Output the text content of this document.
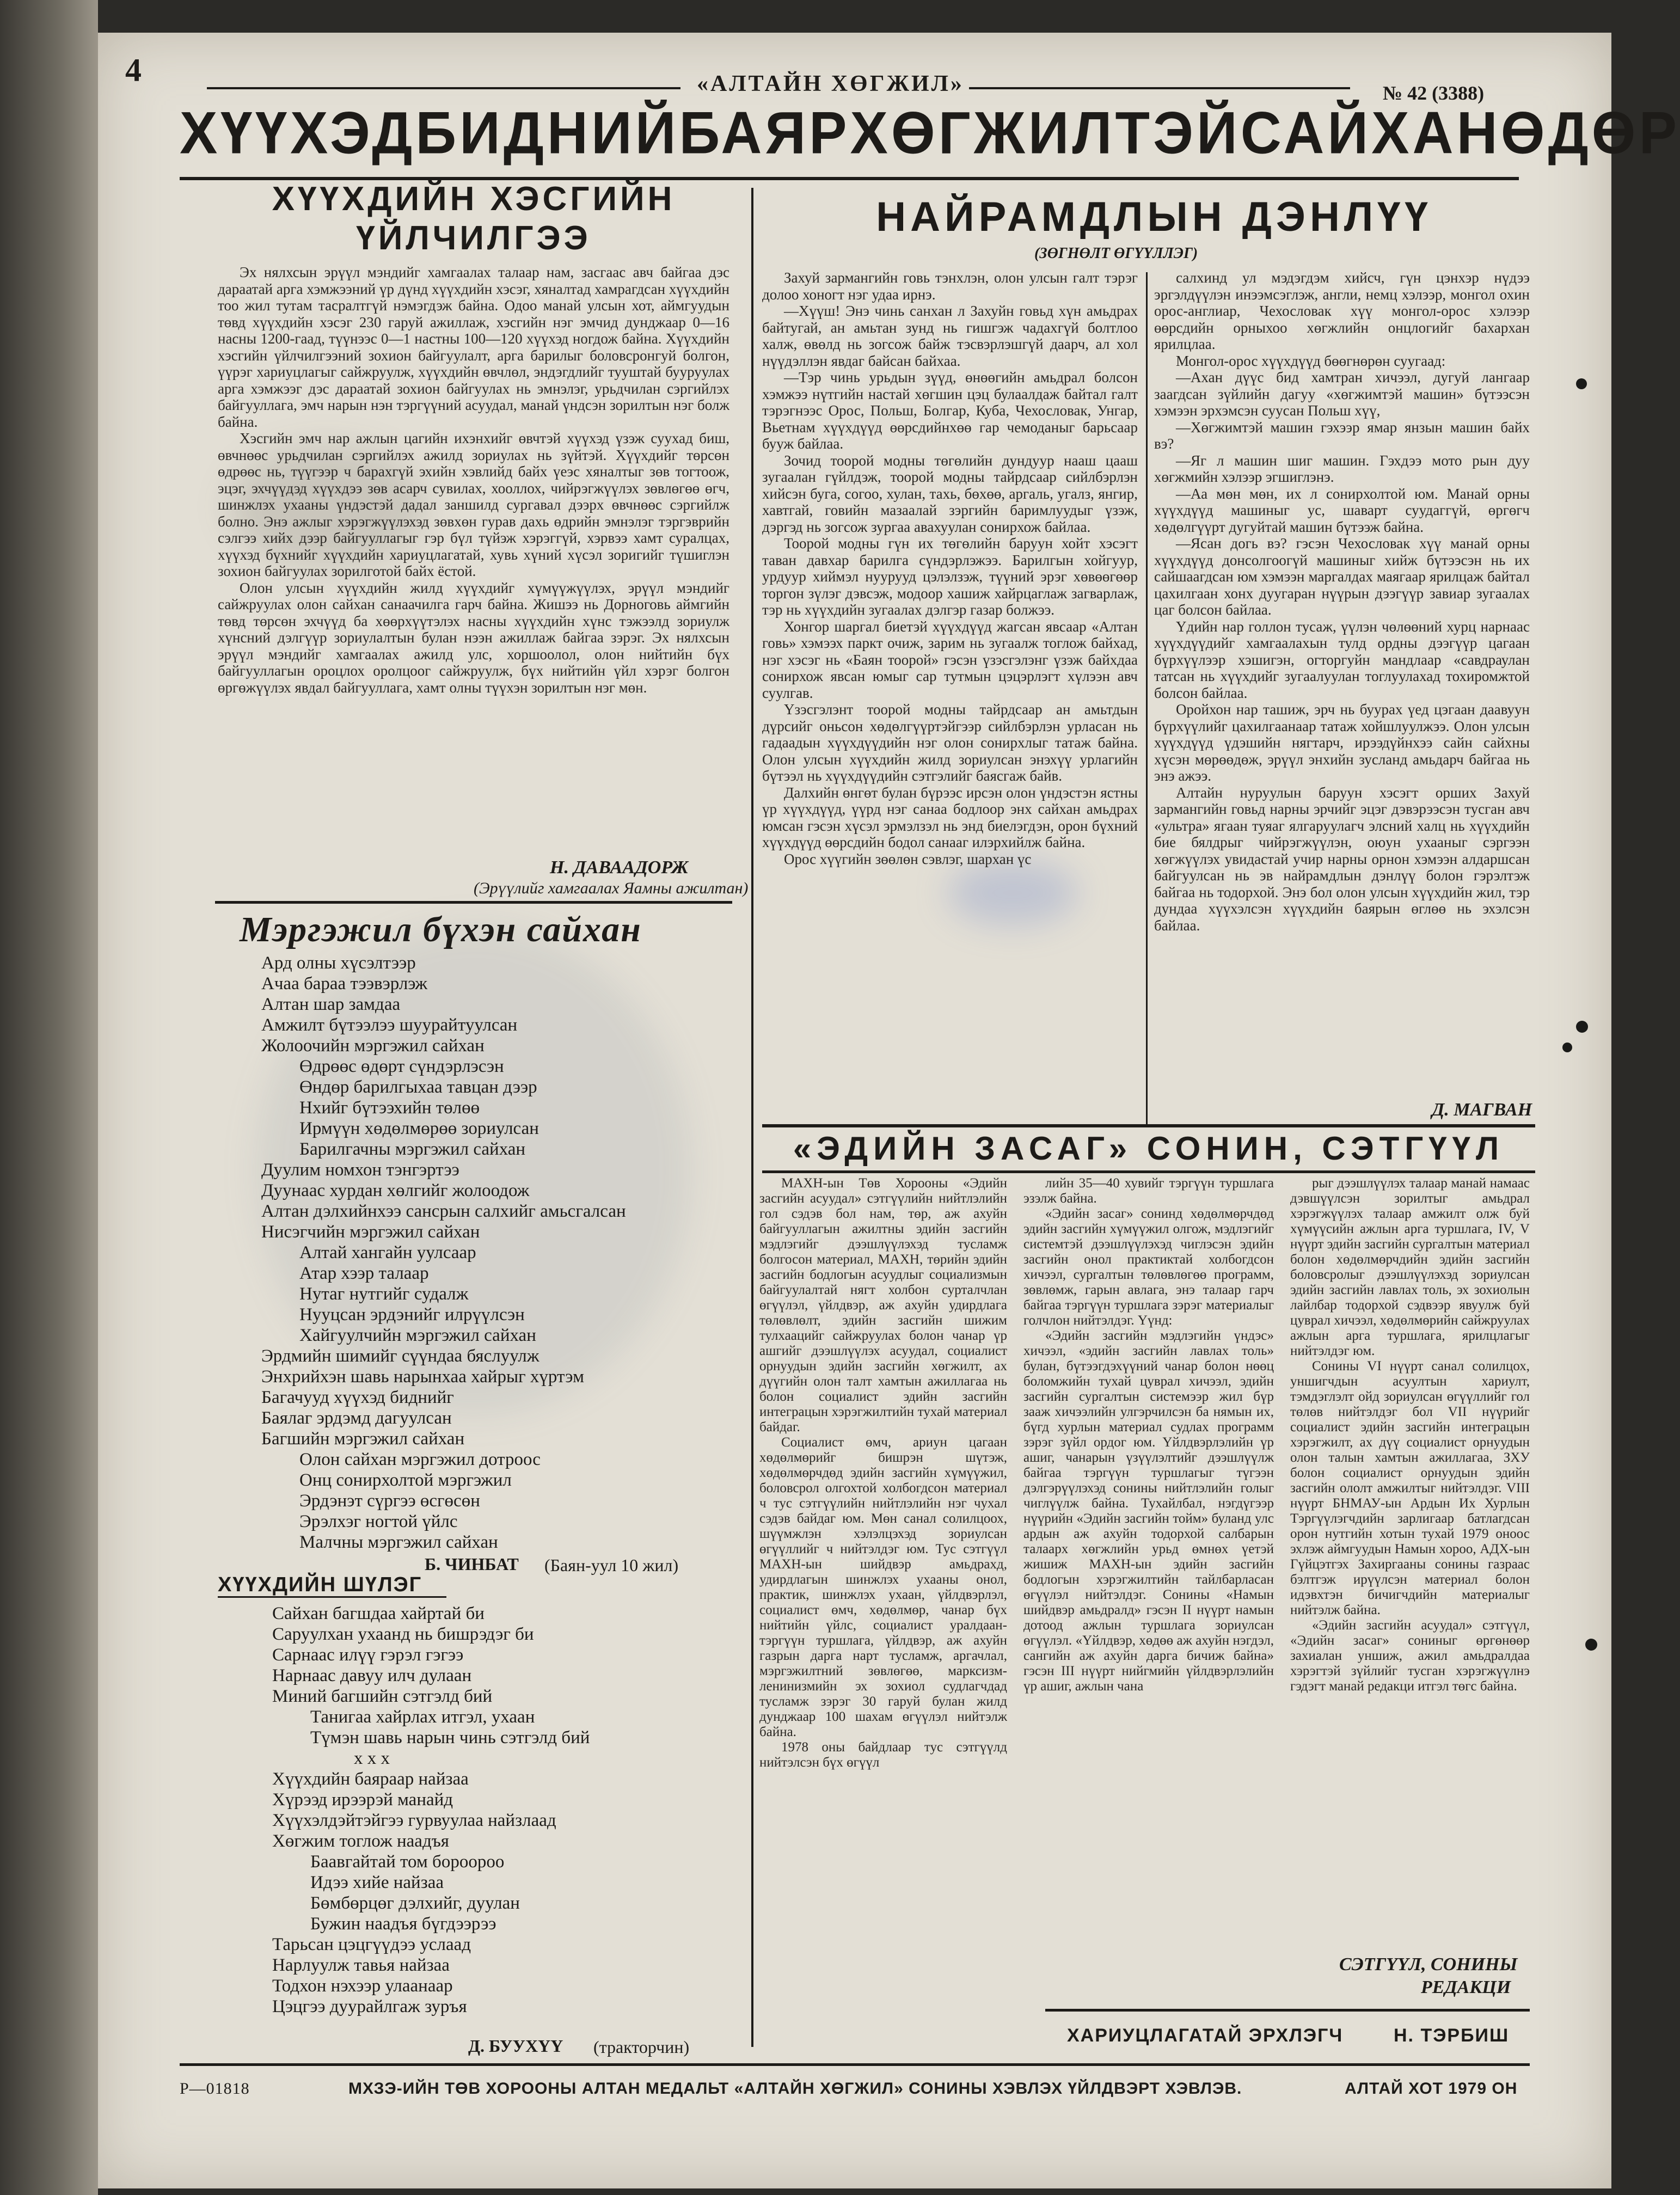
4	«АЛТАЙН ХӨГЖИЛ»	№ 42 (3388)
ХҮҮХЭД БИДНИЙ БАЯР ХӨГЖИЛТЭЙ САЙХАН ӨДӨР
ХҮҮХДИЙН ХЭСГИЙН
ҮЙЛЧИЛГЭЭ

Эх нялхсын эрүүл мэндийг хамгаалах талаар нам, засгаас авч байгаа дэс дараатай арга хэмжээний үр дүнд хүүхдийн хэсэг, хяналтад хамрагдсан хүүхдийн тоо жил тутам тасралтгүй нэмэгдэж байна. Одоо манай улсын хот, аймгуудын төвд хүүхдийн хэсэг 230 гаруй ажиллаж, хэсгийн нэг эмчид дунджаар 0—16 насны 1200-гаад, түүнээс 0—1 настны 100—120 хүүхэд ногдож байна. Хүүхдийн хэсгийн үйлчилгээний зохион байгуулалт, арга барилыг боловсронгуй болгон, үүрэг хариуцлагыг сайжруулж, хүүхдийн өвчлөл, эндэгдлийг тууштай бууруулах арга хэмжээг дэс дараатай зохион байгуулах нь эмнэлэг, урьдчилан сэргийлэх байгууллага, эмч нарын нэн тэргүүний асуудал, манай үндсэн зорилтын нэг болж байна.

Хэсгийн эмч нар ажлын цагийн ихэнхийг өвчтэй хүүхэд үзэж суухад биш, өвчнөөс урьдчилан сэргийлэх ажилд зориулах нь зүйтэй. Хүүхдийг төрсөн өдрөөс нь, түүгээр ч барахгүй эхийн хэвлийд байх үеэс хяналтыг зөв тогтоож, эцэг, эхчүүдэд хүүхдээ зөв асарч сувилах, хооллох, чийрэгжүүлэх зөвлөгөө өгч, шинжлэх ухааны үндэстэй дадал заншилд сургавал дээрх өвчнөөс сэргийлж болно. Энэ ажлыг хэрэгжүүлэхэд зөвхөн гурав дахь өдрийн эмнэлэг тэргэврийн сэлгээ хийх дээр байгууллагыг гэр бүл түйэж хэрэггүй, хэрвээ хамт суралцах, хүүхэд бүхнийг хүүхдийн хариуцлагатай, хувь хүний хүсэл зоригийг түшиглэн зохион байгуулах зорилготой байх ёстой.

Олон улсын хүүхдийн жилд хүүхдийг хүмүүжүүлэх, эрүүл мэндийг сайжруулах олон сайхан санаачилга гарч байна. Жишээ нь Дорноговь аймгийн төвд төрсөн эхчүүд ба хөөрхүүтэлэх насны хүүхдийн хүнс тэжээлд зориулж хүнсний дэлгүүр зориулалтын булан нээн ажиллаж байгаа зэрэг. Эх нялхсын эрүүл мэндийг хамгаалах ажилд улс, хоршоолол, олон нийтийн бүх байгууллагын ороцлох оролцоог сайжруулж, бүх нийтийн үйл хэрэг болгон өргөжүүлэх явдал байгууллага, хамт олны түүхэн зорилтын нэг мөн.

Н. ДАВААДОРЖ
(Эрүүлийг хамгаалах Яамны ажилтан)
НАЙРАМДЛЫН ДЭНЛҮҮ
(ЗӨГНӨЛТ ӨГҮҮЛЛЭГ)

Захуй зармангийн говь тэнхлэн, олон улсын галт тэрэг долоо хоногт нэг удаа ирнэ.

—Хүүш! Энэ чинь санхан л Захуйн говьд хүн амьдрах байтугай, ан амьтан зунд нь гишгэж чадахгүй болтлоо халж, өвөлд нь зогсож байж тэсвэрлэшгүй даарч, ал хол нүүдэллэн явдаг байсан байхаа.

—Тэр чинь урьдын зүүд, өнөөгийн амьдрал болсон хэмжээ нүтгийн настай хөгшин цэц булаалдаж байтал галт тэрэгнээс Орос, Польш, Болгар, Куба, Чехословак, Унгар, Вьетнам хүүхдүүд өөрсдийнхөө гар чемоданыг барьсаар бууж байлаа.

Зочид тоорой модны төгөлийн дундуур нааш цааш зугаалан гүйлдэж, тоорой модны тайрдсаар сийлбэрлэн хийсэн буга, согоо, хулан, тахь, бөхөө, аргаль, угалз, янгир, хавтгай, говийн мазаалай зэргийн баримлуудыг үзэж, дэргэд нь зогсож зургаа авахуулан сонирхож байлаа.

Тоорой модны гүн их төгөлийн баруун хойт хэсэгт таван давхар барилга сүндэрлэжээ. Барилгын хойгуур, урдуур хиймэл нуурууд цэлэлзэж, түүний эрэг хөвөөгөөр торгон зүлэг дэвсэж, модоор хашиж хайрцаглаж загварлаж, тэр нь хүүхдийн зугаалах дэлгэр газар болжээ.

Хонгор шаргал биетэй хүүхдүүд жагсан явсаар «Алтан говь» хэмээх паркт очиж, зарим нь зугаалж тоглож байхад, нэг хэсэг нь «Баян тоорой» гэсэн үзэсгэлэнг үзэж байхдаа сонирхож явсан юмыг сар тутмын цэцэрлэгт хүлээн авч суулгав.

Үзэсгэлэнт тоорой модны тайрдсаар ан амьтдын дүрсийг оньсон хөдөлгүүртэйгээр сийлбэрлэн урласан нь гадаадын хүүхдүүдийн нэг олон сонирхлыг татаж байна. Олон улсын хүүхдийн жилд зориулсан энэхүү урлагийн бүтээл нь хүүхдүүдийн сэтгэлийг баясгаж байв.

Далхийн өнгөт булан бүрээс ирсэн олон үндэстэн ястны үр хүүхдүүд, үүрд нэг санаа бодлоор энх сайхан амьдрах юмсан гэсэн хүсэл эрмэлзэл нь энд биелэгдэн, орон бүхний хүүхдүүд өөрсдийн бодол санааг илэрхийлж байна.

Орос хүүгийн зөөлөн сэвлэг, шархан үс

салхинд ул мэдэгдэм хийсч, гүн цэнхэр нүдээ эргэлдүүлэн инээмсэглэж, англи, немц хэлээр, монгол охин орос-англиар, Чехословак хүү монгол-орос хэлээр өөрсдийн орныхоо хөгжлийн онцлогийг бахархан ярилцлаа.

Монгол-орос хүүхдүүд бөөгнөрөн суугаад:

—Ахан дүүс бид хамтран хичээл, дугуй лангаар заагдсан зүйлийн дагуу «хөгжимтэй машин» бүтээсэн хэмээн эрхэмсэн суусан Польш хүү,

—Хөгжимтэй машин гэхээр ямар янзын машин байх вэ?

—Яг л машин шиг машин. Гэхдээ мото рын дуу хөгжмийн хэлээр эгшиглэнэ.

—Аа мөн мөн, их л сонирхолтой юм. Манай орны хүүхдүүд машиныг ус, шаварт суудаггүй, өргөгч хөдөлгүүрт дугуйтай машин бүтээж байна.

—Ясан догь вэ? гэсэн Чехословак хүү манай орны хүүхдүүд донсолгоогүй машиныг хийж бүтээсэн нь их сайшаагдсан юм хэмээн маргалдах маягаар ярилцаж байтал цахилгаан хонх дуугаран нүүрын дээгүүр завиар зугаалах цаг болсон байлаа.

Үдийн нар голлон тусаж, үүлэн чөлөөний хурц нарнаас хүүхдүүдийг хамгаалахын тулд ордны дээгүүр цагаан бүрхүүлээр хэшигэн, огторгуйн мандлаар «савдраулан татсан нь хүүхдийг зугаалуулан тоглуулахад тохиромжтой болсон байлаа.

Оройхон нар ташиж, эрч нь буурах үед цэгаан даавуун бүрхүүлийг цахилгаанаар татаж хойшлуулжээ. Олон улсын хүүхдүүд үдэшийн нягтарч, ирээдүйнхээ сайн сайхны хүсэн мөрөөдөж, эрүүл энхийн зусланд амьдарч байгаа нь энэ ажээ.

Алтайн нуруулын баруун хэсэгт орших Захуй зармангийн говьд нарны эрчийг эцэг дэвэрээсэн тусган авч «ультра» ягаан туяаг ялгаруулагч элсний халц нь хүүхдийн бие бялдрыг чийрэгжүүлэн, оюун ухааныг сэргээн хөгжүүлэх увидастай учир нарны орнон хэмээн алдаршсан байгуулсан нь эв найрамдлын дэнлүү болон гэрэлтэж байгаа нь тодорхой. Энэ бол олон улсын хүүхдийн жил, тэр дундаа хүүхэлсэн хүүхдийн баярын өглөө нь эхэлсэн байлаа.

Д. МАГВАН
Мэргэжил бүхэн сайхан
Ард олны хүсэлтээр
Ачаа бараа тээвэрлэж
Алтан шар замдаа
Амжилт бүтээлээ шуурайтуулсан
Жолоочийн мэргэжил сайхан
Өдрөөс өдөрт сүндэрлэсэн
Өндөр барилгыхаа тавцан дээр
Нхийг бүтээхийн төлөө
Ирмүүн хөдөлмөрөө зориулсан
Барилгачны мэргэжил сайхан
Дуулим номхон тэнгэртээ
Дуунаас хурдан хөлгийг жолоодож
Алтан дэлхийнхээ сансрын салхийг амьсгалсан
Нисэгчийн мэргэжил сайхан
Алтай хангайн уулсаар
Атар хээр талаар
Нутаг нутгийг судалж
Нууцсан эрдэнийг илрүүлсэн
Хайгуулчийн мэргэжил сайхан
Эрдмийн шимийг сүүндаа бяслуулж
Энхрийхэн шавь нарынхаа хайрыг хүртэм
Багачууд хүүхэд биднийг
Баялаг эрдэмд дагуулсан
Багшийн мэргэжил сайхан
Олон сайхан мэргэжил дотроос
Онц сонирхолтой мэргэжил
Эрдэнэт сүргээ өсгөсөн
Эрэлхэг ногтой үйлс
Малчны мэргэжил сайхан
Б. ЧИНБАТ (Баян-уул 10 жил)
ХҮҮХДИЙН ШҮЛЭГ
Сайхан багшдаа хайртай би
Саруулхан ухаанд нь бишрэдэг би
Сарнаас илүү гэрэл гэгээ
Нарнаас давуу илч дулаан
Миний багшийн сэтгэлд бий
Танигаа хайрлах итгэл, ухаан
Түмэн шавь нарын чинь сэтгэлд бий
х х х
Хүүхдийн баяраар найзаа
Хүрээд ирээрэй манайд
Хүүхэлдэйтэйгээ гурвуулаа найзлаад
Хөгжим тоглож наадъя
Баавгайтай том бороороо
Идээ хийе найзаа
Бөмбөрцөг дэлхийг, дуулан
Бужин наадъя бүгдээрээ
Тарьсан цэцгүүдээ услаад
Нарлуулж тавья найзаа
Тодхон нэхээр улаанаар
Цэцгээ дуурайлгаж зуръя
Д. БУУХҮҮ (тракторчин)
«ЭДИЙН ЗАСАГ» СОНИН, СЭТГҮҮЛ

МАХН-ын Төв Хорооны «Эдийн засгийн асуудал» сэтгүүлийн нийтлэлийн гол сэдэв бол нам, төр, аж ахуйн байгууллагын ажилтны эдийн засгийн мэдлэгийг дээшлүүлэхэд тусламж болгосон материал, МАХН, төрийн эдийн засгийн бодлогын асуудлыг социализмын байгуулалтай нягт холбон сурталчлан өгүүлэл, үйлдвэр, аж ахуйн удирдлага төлөвлөлт, эдийн засгийн шижим тулхаацийг сайжруулах болон чанар үр ашгийг дээшлүүлэх асуудал, социалист орнуудын эдийн засгийн хөгжилт, ах дүүгийн олон талт хамтын ажиллагаа нь болон социалист эдийн засгийн интеграцын хэрэгжилтийн тухай материал байдаг.

Социалист өмч, ариун цагаан хөдөлмөрийг бишрэн шүтэж, хөдөлмөрчдөд эдийн засгийн хүмүүжил, боловсрол олгохтой холбогдсон материал ч тус сэтгүүлийн нийтлэлийн нэг чухал сэдэв байдаг юм. Мөн санал солилцоох, шүүмжлэн хэлэлцэхэд зориулсан өгүүллийг ч нийтэлдэг юм. Тус сэтгүүл МАХН-ын шийдвэр амьдрахд, удирдлагын шинжлэх ухааны онол, практик, шинжлэх ухаан, үйлдвэрлэл, социалист өмч, хөдөлмөр, чанар бүх нийтийн үйлс, социалист уралдаан-тэргүүн туршлага, үйлдвэр, аж ахуйн газрын дарга нарт тусламж, аргачлал, мэргэжилтний зөвлөгөө, марксизм-ленинизмийн эх зохиол судлагчдад тусламж зэрэг 30 гаруй булан жилд дунджаар 100 шахам өгүүлэл нийтэлж байна.

1978 оны байдлаар тус сэтгүүлд нийтэлсэн бүх өгүүл

лийн 35—40 хувийг тэргүүн туршлага эзэлж байна.

«Эдийн засаг» сонинд хөдөлмөрчдөд эдийн засгийн хүмүүжил олгож, мэдлэгийг системтэй дээшлүүлэхэд чиглэсэн эдийн засгийн онол практиктай холбогдсон хичээл, сургалтын төлөвлөгөө программ, зөвлөмж, гарын авлага, энэ талаар гарч байгаа тэргүүн туршлага зэрэг материалыг голчлон нийтэлдэг. Үүнд:

«Эдийн засгийн мэдлэгийн үндэс» хичээл, «эдийн засгийн лавлах толь» булан, бүтээгдэхүүний чанар болон нөөц боломжийн тухай цуврал хичээл, эдийн засгийн сургалтын системээр жил бүр зааж хичээлийн улгэрчилсэн ба нямын их, бүгд хурлын материал судлах программ зэрэг зүйл ордог юм. Үйлдвэрлэлийн үр ашиг, чанарын үзүүлэлтийг дээшлүүлж байгаа тэргүүн туршлагыг түгээн дэлгэрүүлэхэд сонины нийтлэлийн голыг чиглүүлж байна. Тухайлбал, нэгдүгээр нүүрийн «Эдийн засгийн тойм» буланд улс ардын аж ахуйн тодорхой салбарын талаарх хөгжлийн урьд өмнөх үетэй жишиж МАХН-ын эдийн засгийн бодлогын хэрэгжилтийн тайлбарласан өгүүлэл нийтэлдэг. Сонины «Намын шийдвэр амьдралд» гэсэн II нүүрт намын дотоод ажлын туршлага зориулсан өгүүлэл. «Үйлдвэр, хөдөө аж ахуйн нэгдэл, сангийн аж ахуйн дарга бичиж байна» гэсэн III нүүрт нийгмийн үйлдвэрлэлийн үр ашиг, ажлын чана

рыг дээшлүүлэх талаар манай намаас дэвшүүлсэн зорилтыг амьдрал хэрэгжүүлэх талаар амжилт олж буй хүмүүсийн ажлын арга туршлага, IV, V нүүрт эдийн засгийн сургалтын материал болон хөдөлмөрчдийн эдийн засгийн боловсролыг дээшлүүлэхэд зориулсан эдийн засгийн лавлах толь, эх зохиолын лайлбар тодорхой сэдвээр явуулж буй цуврал хичээл, хөдөлмөрийн сайжруулах ажлын арга туршлага, ярилцлагыг нийтэлдэг юм.

Сонины VI нүүрт санал солилцох, уншигчдын асуултын хариулт, тэмдэглэлт ойд зориулсан өгүүллийг гол төлөв нийтэлдэг бол VII нүүрийг социалист эдийн засгийн интеграцын хэрэгжилт, ах дүү социалист орнуудын олон талын хамтын ажиллагаа, ЗХУ болон социалист орнуудын эдийн засгийн ололт амжилтыг нийтэлдэг. VIII нүүрт БНМАУ-ын Ардын Их Хурлын Тэргүүлэгчдийн зарлигаар батлагдсан орон нутгийн хотын тухай 1979 оноос эхлэж аймгуудын Намын хороо, АДХ-ын Гүйцэтгэх Захиргааны сонины газраас бэлтгэж ирүүлсэн материал болон идэвхтэн бичигчдийн материалыг нийтэлж байна.

«Эдийн засгийн асуудал» сэтгүүл, «Эдийн засаг» сониныг өргөнөөр захиалан уншиж, ажил амьдралдаа хэрэгтэй зүйлийг тусган хэрэгжүүлнэ гэдэгт манай редакци итгэл төгс байна.

СЭТГҮҮЛ, СОНИНЫ
РЕДАКЦИ
ХАРИУЦЛАГАТАЙ ЭРХЛЭГЧ	Н. ТЭРБИШ
Р—01818	МХЗЭ-ИЙН ТӨВ ХОРООНЫ АЛТАН МЕДАЛЬТ «АЛТАЙН ХӨГЖИЛ» СОНИНЫ ХЭВЛЭХ ҮЙЛДВЭРТ ХЭВЛЭВ.	АЛТАЙ ХОТ 1979 ОН
